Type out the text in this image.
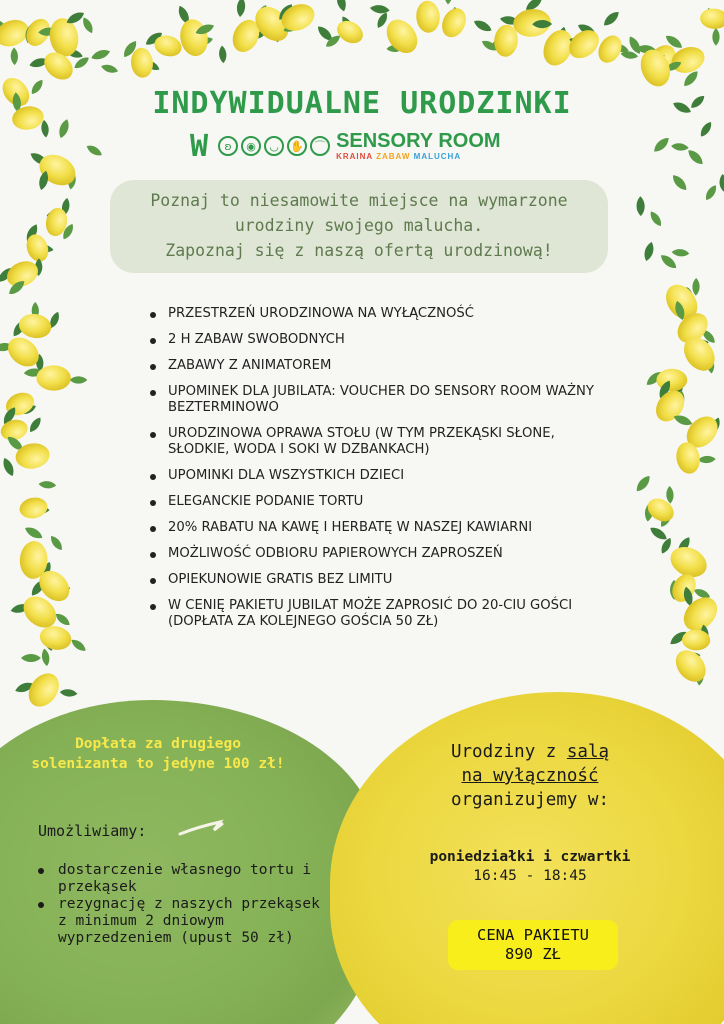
INDYWIDUALNE URODZINKI
W	ʚ	◉	◡	✋ ⌒ SENSORY ROOM
KRAINA ZABAW MALUCHA
Poznaj to niesamowite miejsce na wymarzone
urodziny swojego malucha.
Zapoznaj się z naszą ofertą urodzinową!
PRZESTRZEŃ URODZINOWA NA WYŁĄCZNOŚĆ
2 H ZABAW SWOBODNYCH
ZABAWY Z ANIMATOREM
UPOMINEK DLA JUBILATA: VOUCHER DO SENSORY ROOM WAŻNY BEZTERMINOWO
URODZINOWA OPRAWA STOŁU (W TYM PRZEKĄSKI SŁONE, SŁODKIE, WODA I SOKI W DZBANKACH)
UPOMINKI DLA WSZYSTKICH DZIECI
ELEGANCKIE PODANIE TORTU
20% RABATU NA KAWĘ I HERBATĘ W NASZEJ KAWIARNI
MOŻLIWOŚĆ ODBIORU PAPIEROWYCH ZAPROSZEŃ
OPIEKUNOWIE GRATIS BEZ LIMITU
W CENIĘ PAKIETU JUBILAT MOŻE ZAPROSIĆ DO 20-CIU GOŚCI (DOPŁATA ZA KOLEJNEGO GOŚCIA 50 ZŁ)
Dopłata za drugiego solenizanta to jedyne 100 zł!
Umożliwiamy:
dostarczenie własnego tortu i przekąsek
rezygnację z naszych przekąsek z minimum 2 dniowym wyprzedzeniem (upust 50 zł)
Urodziny z salą
na wyłączność
organizujemy w:
poniedziałki i czwartki
16:45 - 18:45
CENA PAKIETU
890 ZŁ
